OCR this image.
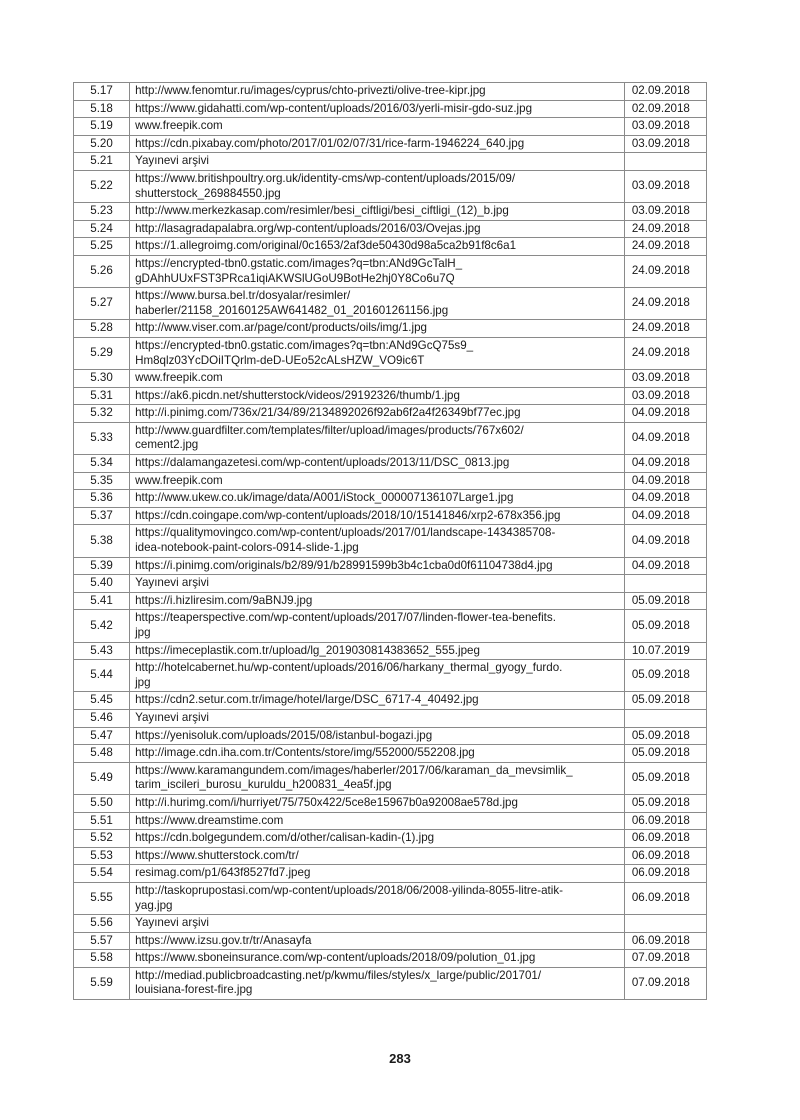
5.17	http://www.fenomtur.ru/images/cyprus/chto-privezti/olive-tree-kipr.jpg	02.09.2018
5.18	https://www.gidahatti.com/wp-content/uploads/2016/03/yerli-misir-gdo-suz.jpg	02.09.2018
5.19	www.freepik.com	03.09.2018
5.20	https://cdn.pixabay.com/photo/2017/01/02/07/31/rice-farm-1946224_640.jpg	03.09.2018
5.21	Yayınevi arşivi	
5.22	https://www.britishpoultry.org.uk/identity-cms/wp-content/uploads/2015/09/
shutterstock_269884550.jpg	03.09.2018
5.23	http://www.merkezkasap.com/resimler/besi_ciftligi/besi_ciftligi_(12)_b.jpg	03.09.2018
5.24	http://lasagradapalabra.org/wp-content/uploads/2016/03/Ovejas.jpg	24.09.2018
5.25	https://1.allegroimg.com/original/0c1653/2af3de50430d98a5ca2b91f8c6a1	24.09.2018
5.26	https://encrypted-tbn0.gstatic.com/images?q=tbn:ANd9GcTalH_
gDAhhUUxFST3PRca1iqiAKWSlUGoU9BotHe2hj0Y8Co6u7Q	24.09.2018
5.27	https://www.bursa.bel.tr/dosyalar/resimler/
haberler/21158_20160125AW641482_01_201601261156.jpg	24.09.2018
5.28	http://www.viser.com.ar/page/cont/products/oils/img/1.jpg	24.09.2018
5.29	https://encrypted-tbn0.gstatic.com/images?q=tbn:ANd9GcQ75s9_
Hm8qlz03YcDOiITQrlm-deD-UEo52cALsHZW_VO9ic6T	24.09.2018
5.30	www.freepik.com	03.09.2018
5.31	https://ak6.picdn.net/shutterstock/videos/29192326/thumb/1.jpg	03.09.2018
5.32	http://i.pinimg.com/736x/21/34/89/2134892026f92ab6f2a4f26349bf77ec.jpg	04.09.2018
5.33	http://www.guardfilter.com/templates/filter/upload/images/products/767x602/
cement2.jpg	04.09.2018
5.34	https://dalamangazetesi.com/wp-content/uploads/2013/11/DSC_0813.jpg	04.09.2018
5.35	www.freepik.com	04.09.2018
5.36	http://www.ukew.co.uk/image/data/A001/iStock_000007136107Large1.jpg	04.09.2018
5.37	https://cdn.coingape.com/wp-content/uploads/2018/10/15141846/xrp2-678x356.jpg	04.09.2018
5.38	https://qualitymovingco.com/wp-content/uploads/2017/01/landscape-1434385708-
idea-notebook-paint-colors-0914-slide-1.jpg	04.09.2018
5.39	https://i.pinimg.com/originals/b2/89/91/b28991599b3b4c1cba0d0f61104738d4.jpg	04.09.2018
5.40	Yayınevi arşivi	
5.41	https://i.hizliresim.com/9aBNJ9.jpg	05.09.2018
5.42	https://teaperspective.com/wp-content/uploads/2017/07/linden-flower-tea-benefits.
jpg	05.09.2018
5.43	https://imeceplastik.com.tr/upload/lg_2019030814383652_555.jpeg	10.07.2019
5.44	http://hotelcabernet.hu/wp-content/uploads/2016/06/harkany_thermal_gyogy_furdo.
jpg	05.09.2018
5.45	https://cdn2.setur.com.tr/image/hotel/large/DSC_6717-4_40492.jpg	05.09.2018
5.46	Yayınevi arşivi	
5.47	https://yenisoluk.com/uploads/2015/08/istanbul-bogazi.jpg	05.09.2018
5.48	http://image.cdn.iha.com.tr/Contents/store/img/552000/552208.jpg	05.09.2018
5.49	https://www.karamangundem.com/images/haberler/2017/06/karaman_da_mevsimlik_
tarim_iscileri_burosu_kuruldu_h200831_4ea5f.jpg	05.09.2018
5.50	http://i.hurimg.com/i/hurriyet/75/750x422/5ce8e15967b0a92008ae578d.jpg	05.09.2018
5.51	https://www.dreamstime.com	06.09.2018
5.52	https://cdn.bolgegundem.com/d/other/calisan-kadin-(1).jpg	06.09.2018
5.53	https://www.shutterstock.com/tr/	06.09.2018
5.54	resimag.com/p1/643f8527fd7.jpeg	06.09.2018
5.55	http://taskoprupostasi.com/wp-content/uploads/2018/06/2008-yilinda-8055-litre-atik-
yag.jpg	06.09.2018
5.56	Yayınevi arşivi	
5.57	https://www.izsu.gov.tr/tr/Anasayfa	06.09.2018
5.58	https://www.sboneinsurance.com/wp-content/uploads/2018/09/polution_01.jpg	07.09.2018
5.59	http://mediad.publicbroadcasting.net/p/kwmu/files/styles/x_large/public/201701/
louisiana-forest-fire.jpg	07.09.2018
283
